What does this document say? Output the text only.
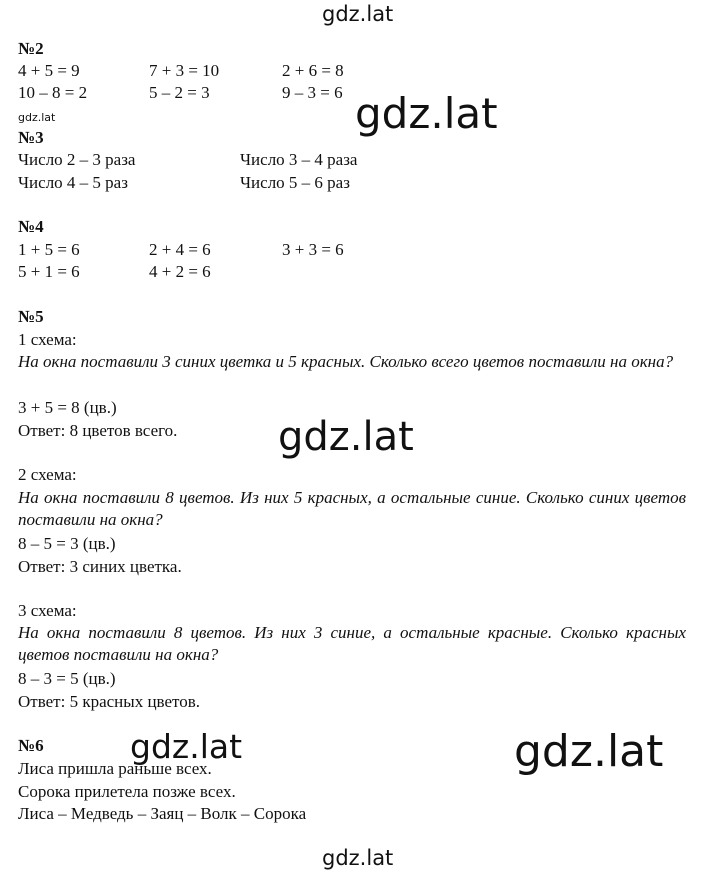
gdz.lat
gdz.lat	gdz.lat
gdz.lat
gdz.lat	gdz.lat
gdz.lat
№2
4 + 5 = 9	7 + 3 = 10	2 + 6 = 8
10 – 8 = 2	5 – 2 = 3	9 – 3 = 6
№3
Число 2 – 3 раза	Число 3 – 4 раза
Число 4 – 5 раз	Число 5 – 6 раз
№4
1 + 5 = 6	2 + 4 = 6	3 + 3 = 6
5 + 1 = 6	4 + 2 = 6
№5
1 схема:
На окна поставили 3 синих цветка и 5 красных. Сколько всего цветов поставили на окна?
3 + 5 = 8 (цв.)
Ответ: 8 цветов всего.
2 схема:
На окна поставили 8 цветов. Из них 5 красных, а остальные синие. Сколько синих цветов поставили на окна?
8 – 5 = 3 (цв.)
Ответ: 3 синих цветка.
3 схема:
На окна поставили 8 цветов. Из них 3 синие, а остальные красные. Сколько красных цветов поставили на окна?
8 – 3 = 5 (цв.)
Ответ: 5 красных цветов.
№6
Лиса пришла раньше всех.
Сорока прилетела позже всех.
Лиса – Медведь – Заяц – Волк – Сорока
